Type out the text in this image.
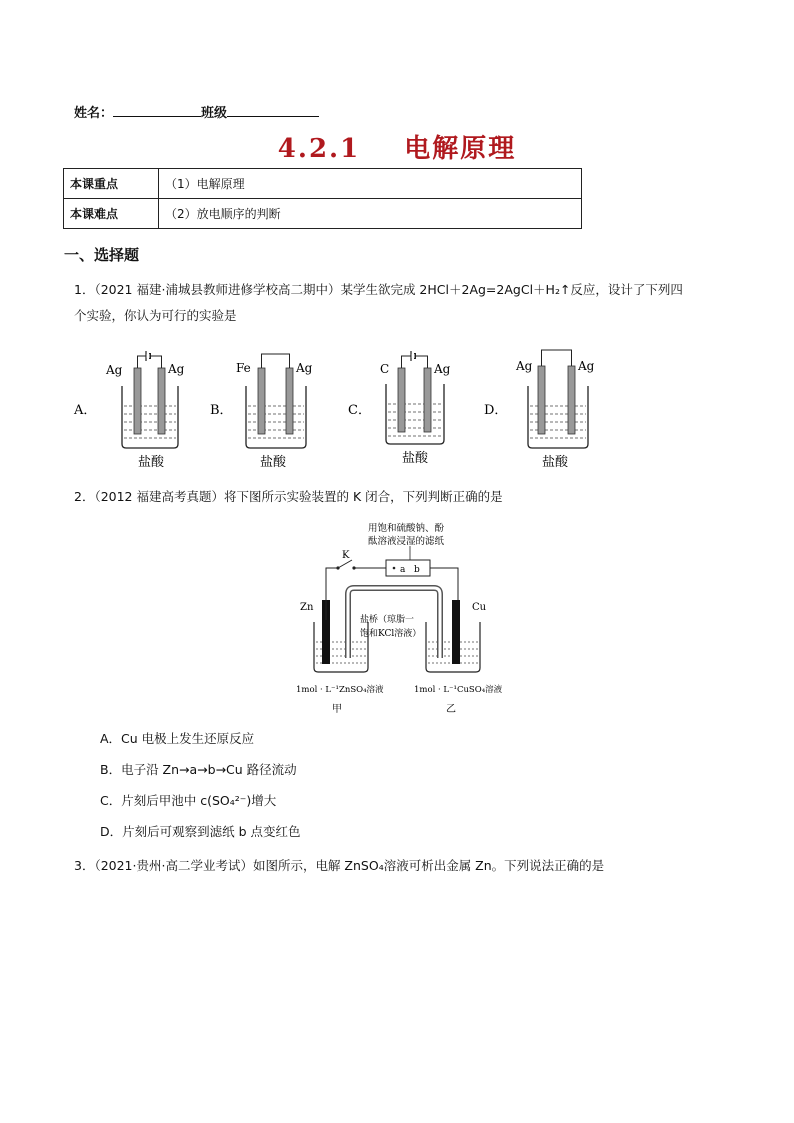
姓名：	班级
4.2.1 电解原理
本课重点	（1）电解原理
本课难点	（2）放电顺序的判断
一、选择题
1．（2021 福建·浦城县教师进修学校高二期中）某学生欲完成 2HCl＋2Ag=2AgCl＋H₂↑反应，设计了下列四
个实验，你认为可行的实验是
A．
Ag	Ag
盐酸
B．
Fe	Ag
盐酸
C．
C	Ag
盐酸
D．
Ag	Ag
盐酸
2．（2012 福建高考真题）将下图所示实验装置的 K 闭合，下列判断正确的是
用饱和硫酸钠、酚
酞溶液浸湿的滤纸
K
a b
Zn	Cu
盐桥（琼脂一
饱和KCl溶液）
1mol · L⁻¹ZnSO₄溶液	1mol · L⁻¹CuSO₄溶液
甲	乙
A．Cu 电极上发生还原反应
B．电子沿 Zn→a→b→Cu 路径流动
C．片刻后甲池中 c(SO₄²⁻)增大
D．片刻后可观察到滤纸 b 点变红色
3．（2021·贵州·高二学业考试）如图所示，电解 ZnSO₄溶液可析出金属 Zn。下列说法正确的是
